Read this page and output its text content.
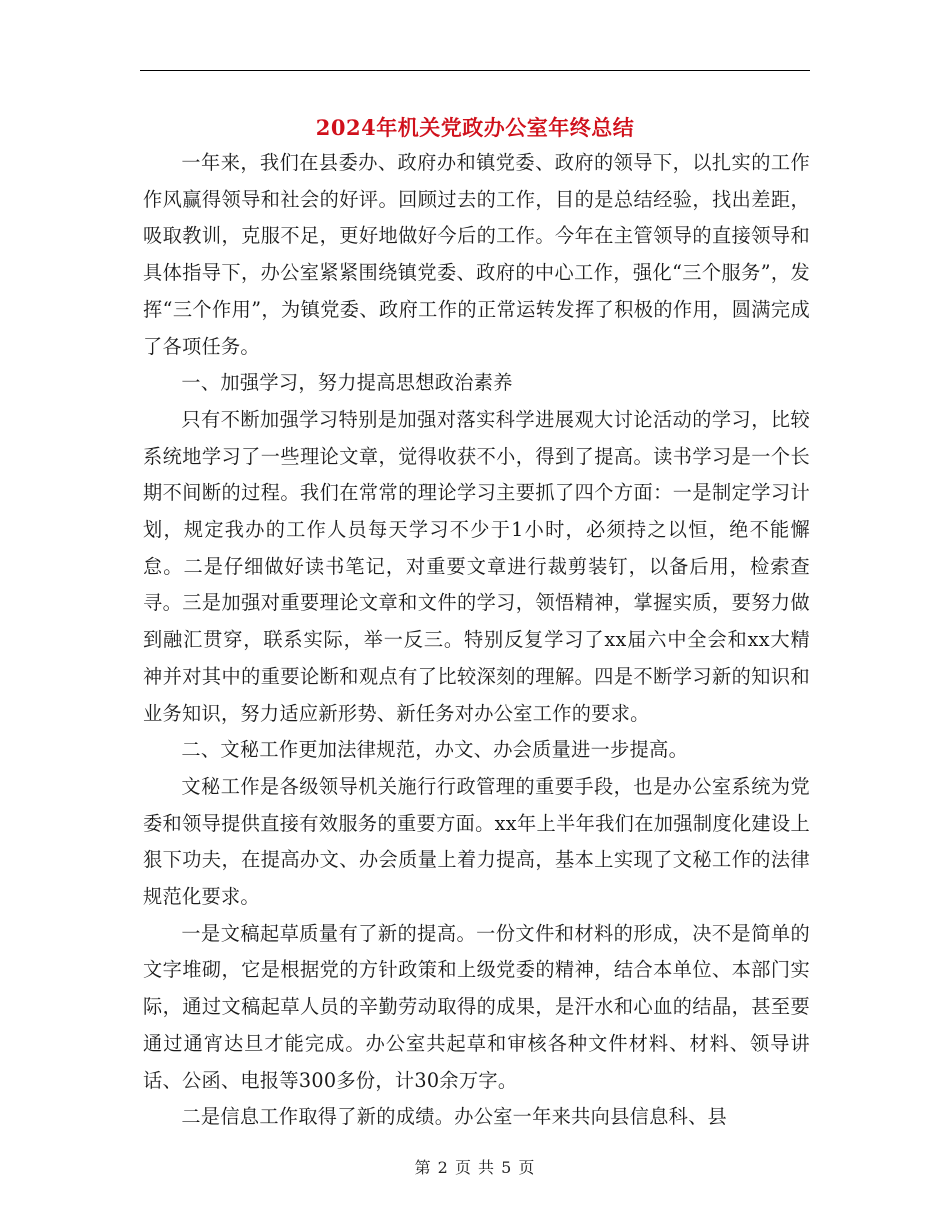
2024年机关党政办公室年终总结

一年来，我们在县委办、政府办和镇党委、政府的领导下，以扎实的工作作风赢得领导和社会的好评。回顾过去的工作，目的是总结经验，找出差距，吸取教训，克服不足，更好地做好今后的工作。今年在主管领导的直接领导和具体指导下，办公室紧紧围绕镇党委、政府的中心工作，强化“三个服务”，发挥“三个作用”，为镇党委、政府工作的正常运转发挥了积极的作用，圆满完成了各项任务。

一、加强学习，努力提高思想政治素养

只有不断加强学习特别是加强对落实科学进展观大讨论活动的学习，比较系统地学习了一些理论文章，觉得收获不小，得到了提高。读书学习是一个长期不间断的过程。我们在常常的理论学习主要抓了四个方面：一是制定学习计划，规定我办的工作人员每天学习不少于1小时，必须持之以恒，绝不能懈怠。二是仔细做好读书笔记，对重要文章进行裁剪装钉，以备后用，检索查寻。三是加强对重要理论文章和文件的学习，领悟精神，掌握实质，要努力做到融汇贯穿，联系实际，举一反三。特别反复学习了xx届六中全会和xx大精神并对其中的重要论断和观点有了比较深刻的理解。四是不断学习新的知识和业务知识，努力适应新形势、新任务对办公室工作的要求。

二、文秘工作更加法律规范，办文、办会质量进一步提高。

文秘工作是各级领导机关施行行政管理的重要手段，也是办公室系统为党委和领导提供直接有效服务的重要方面。xx年上半年我们在加强制度化建设上狠下功夫，在提高办文、办会质量上着力提高，基本上实现了文秘工作的法律规范化要求。

一是文稿起草质量有了新的提高。一份文件和材料的形成，决不是简单的文字堆砌，它是根据党的方针政策和上级党委的精神，结合本单位、本部门实际，通过文稿起草人员的辛勤劳动取得的成果，是汗水和心血的结晶，甚至要通过通宵达旦才能完成。办公室共起草和审核各种文件材料、材料、领导讲话、公函、电报等300多份，计30余万字。

二是信息工作取得了新的成绩。办公室一年来共向县信息科、县

第 2 页 共 5 页
